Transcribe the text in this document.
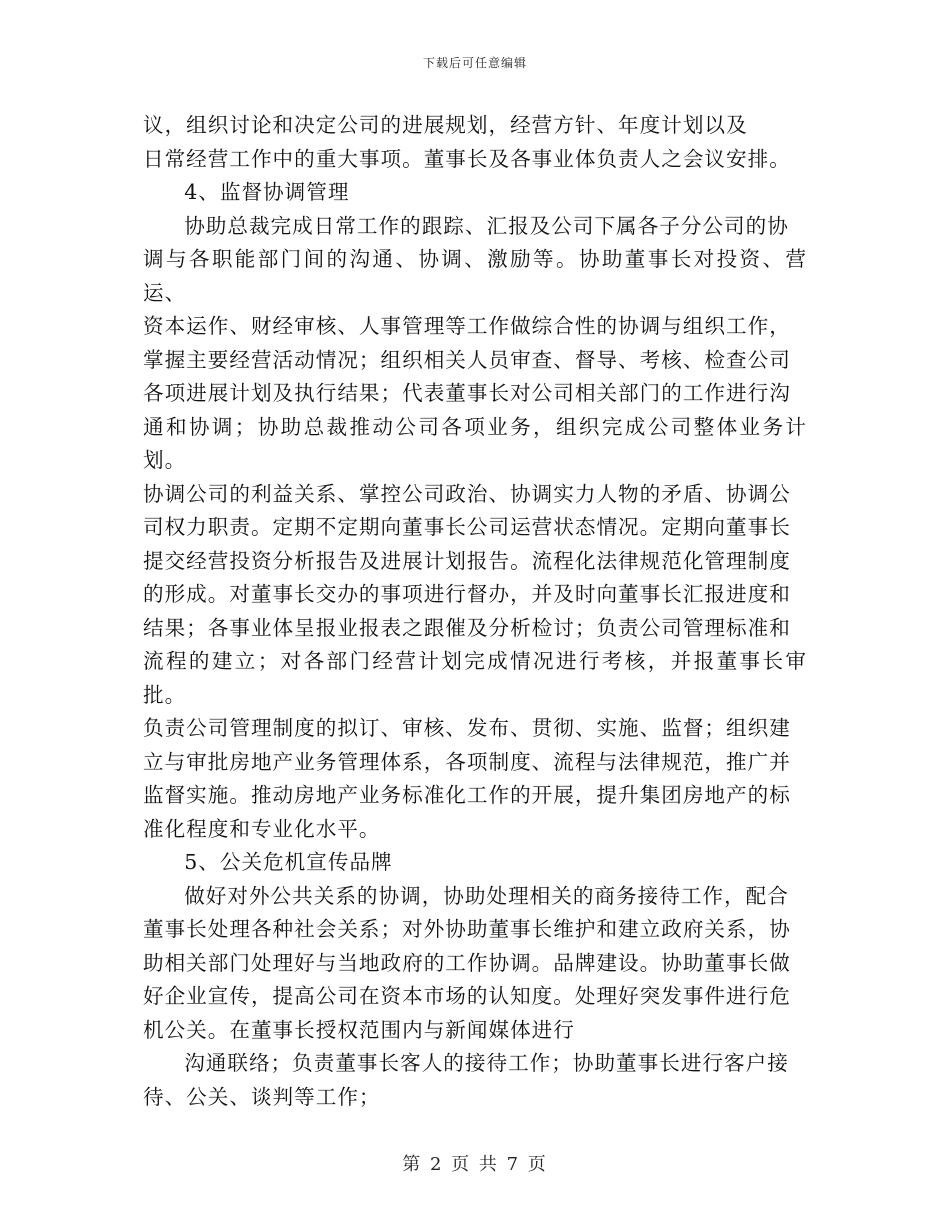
下载后可任意编辑

议，组织讨论和决定公司的进展规划，经营方针、年度计划以及
日常经营工作中的重大事项。董事长及各事业体负责人之会议安排。

4、监督协调管理

协助总裁完成日常工作的跟踪、汇报及公司下属各子分公司的协
调与各职能部门间的沟通、协调、激励等。协助董事长对投资、营运、
资本运作、财经审核、人事管理等工作做综合性的协调与组织工作，
掌握主要经营活动情况；组织相关人员审查、督导、考核、检查公司
各项进展计划及执行结果；代表董事长对公司相关部门的工作进行沟
通和协调；协助总裁推动公司各项业务，组织完成公司整体业务计划。
协调公司的利益关系、掌控公司政治、协调实力人物的矛盾、协调公
司权力职责。定期不定期向董事长公司运营状态情况。定期向董事长
提交经营投资分析报告及进展计划报告。流程化法律规范化管理制度
的形成。对董事长交办的事项进行督办，并及时向董事长汇报进度和
结果；各事业体呈报业报表之跟催及分析检讨；负责公司管理标准和
流程的建立；对各部门经营计划完成情况进行考核，并报董事长审批。
负责公司管理制度的拟订、审核、发布、贯彻、实施、监督；组织建
立与审批房地产业务管理体系，各项制度、流程与法律规范，推广并
监督实施。推动房地产业务标准化工作的开展，提升集团房地产的标
准化程度和专业化水平。

5、公关危机宣传品牌

做好对外公共关系的协调，协助处理相关的商务接待工作，配合
董事长处理各种社会关系；对外协助董事长维护和建立政府关系，协
助相关部门处理好与当地政府的工作协调。品牌建设。协助董事长做
好企业宣传，提高公司在资本市场的认知度。处理好突发事件进行危
机公关。在董事长授权范围内与新闻媒体进行

沟通联络；负责董事长客人的接待工作；协助董事长进行客户接
待、公关、谈判等工作；

第 2 页 共 7 页
